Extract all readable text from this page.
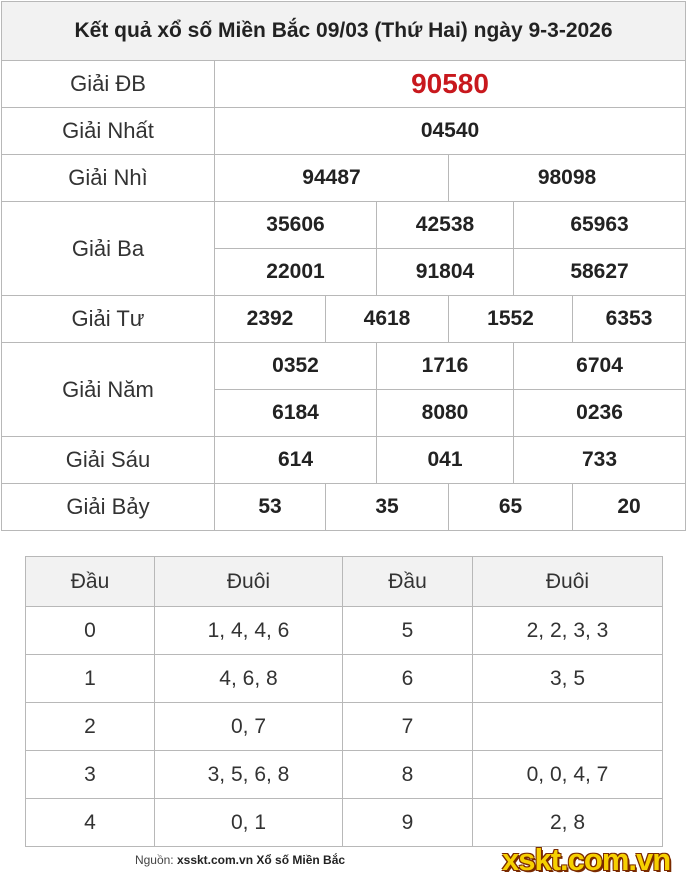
Kết quả xổ số Miền Bắc 09/03 (Thứ Hai) ngày 9-3-2026						
Giải ĐB	90580					
Giải Nhất	04540					
Giải Nhì	94487			98098		
Giải Ba	35606		42538		65963	
	22001		91804		58627	
Giải Tư	2392	4618		1552		6353
Giải Năm	0352		1716		6704	
	6184		8080		0236	
Giải Sáu	614		041		733	
Giải Bảy	53	35		65		20
Đầu	Đuôi	Đầu	Đuôi
0	1, 4, 4, 6	5	2, 2, 3, 3
1	4, 6, 8	6	3, 5
2	0, 7	7	
3	3, 5, 6, 8	8	0, 0, 4, 7
4	0, 1	9	2, 8
Nguồn: xsskt.com.vn Xổ số Miền Bắc	xskt.com.vn
